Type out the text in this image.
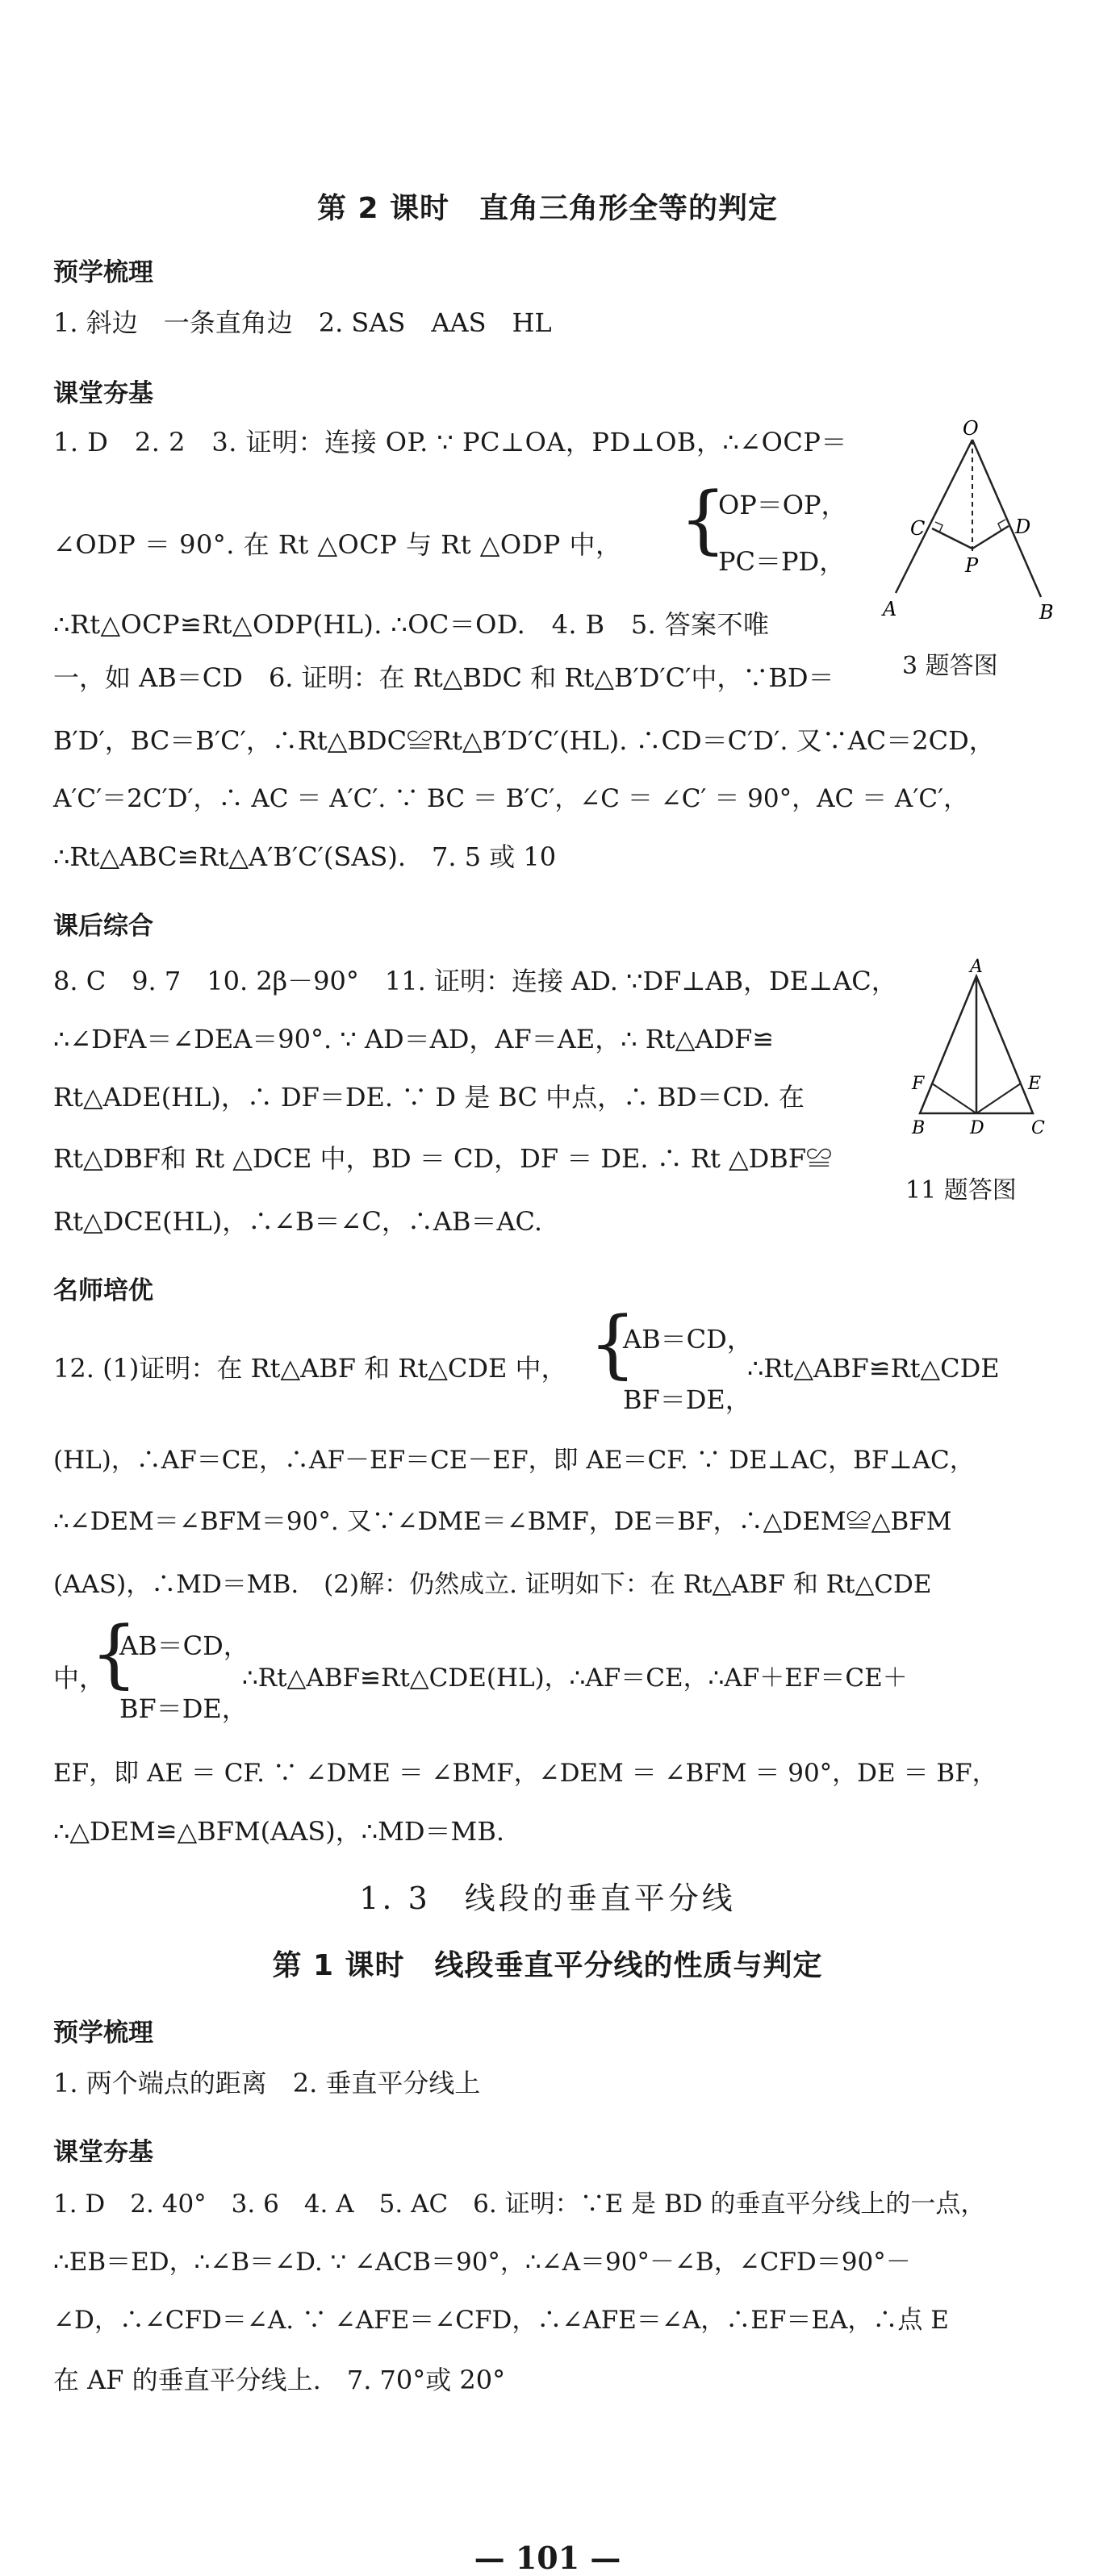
第 2 课时　直角三角形全等的判定
预学梳理
1. 斜边　一条直角边　2. SAS　AAS　HL
课堂夯基
1. D　2. 2　3. 证明：连接 OP. ∵ PC⊥OA，PD⊥OB，∴∠OCP＝
∠ODP ＝ 90°. 在 Rt △OCP 与 Rt △ODP 中， {
OP＝OP，
PC＝PD，
∴Rt△OCP≌Rt△ODP(HL). ∴OC＝OD.　4. B　5. 答案不唯
一，如 AB＝CD　6. 证明：在 Rt△BDC 和 Rt△B′D′C′中，∵BD＝
B′D′，BC＝B′C′，∴Rt△BDC≌Rt△B′D′C′(HL). ∴CD＝C′D′. 又∵AC＝2CD，
A′C′＝2C′D′，∴ AC ＝ A′C′. ∵ BC ＝ B′C′，∠C ＝ ∠C′ ＝ 90°，AC ＝ A′C′，
∴Rt△ABC≌Rt△A′B′C′(SAS).　7. 5 或 10
O
C	D
P
A	B
3 题答图
课后综合
8. C　9. 7　10. 2β－90°　11. 证明：连接 AD. ∵DF⊥AB，DE⊥AC，
∴∠DFA＝∠DEA＝90°. ∵ AD＝AD，AF＝AE，∴ Rt△ADF≌
Rt△ADE(HL)，∴ DF＝DE. ∵ D 是 BC 中点，∴ BD＝CD. 在
Rt△DBF和 Rt △DCE 中，BD ＝ CD，DF ＝ DE. ∴ Rt △DBF≌
Rt△DCE(HL)，∴∠B＝∠C，∴AB＝AC.
A
F	E
B	D	C
11 题答图
名师培优
12. (1)证明：在 Rt△ABF 和 Rt△CDE 中， {
AB＝CD，
BF＝DE，
∴Rt△ABF≌Rt△CDE
(HL)，∴AF＝CE，∴AF－EF＝CE－EF，即 AE＝CF. ∵ DE⊥AC，BF⊥AC，
∴∠DEM＝∠BFM＝90°. 又∵∠DME＝∠BMF，DE＝BF，∴△DEM≌△BFM
(AAS)，∴MD＝MB.　(2)解：仍然成立. 证明如下：在 Rt△ABF 和 Rt△CDE
中，
{
AB＝CD，
BF＝DE，
∴Rt△ABF≌Rt△CDE(HL)，∴AF＝CE，∴AF＋EF＝CE＋
EF，即 AE ＝ CF. ∵ ∠DME ＝ ∠BMF，∠DEM ＝ ∠BFM ＝ 90°，DE ＝ BF，
∴△DEM≌△BFM(AAS)，∴MD＝MB.
1. 3　线段的垂直平分线
第 1 课时　线段垂直平分线的性质与判定
预学梳理
1. 两个端点的距离　2. 垂直平分线上
课堂夯基
1. D　2. 40°　3. 6　4. A　5. AC　6. 证明：∵E 是 BD 的垂直平分线上的一点，
∴EB＝ED，∴∠B＝∠D. ∵ ∠ACB＝90°，∴∠A＝90°－∠B，∠CFD＝90°－
∠D，∴∠CFD＝∠A. ∵ ∠AFE＝∠CFD，∴∠AFE＝∠A，∴EF＝EA，∴点 E
在 AF 的垂直平分线上.　7. 70°或 20°
— 101 —
